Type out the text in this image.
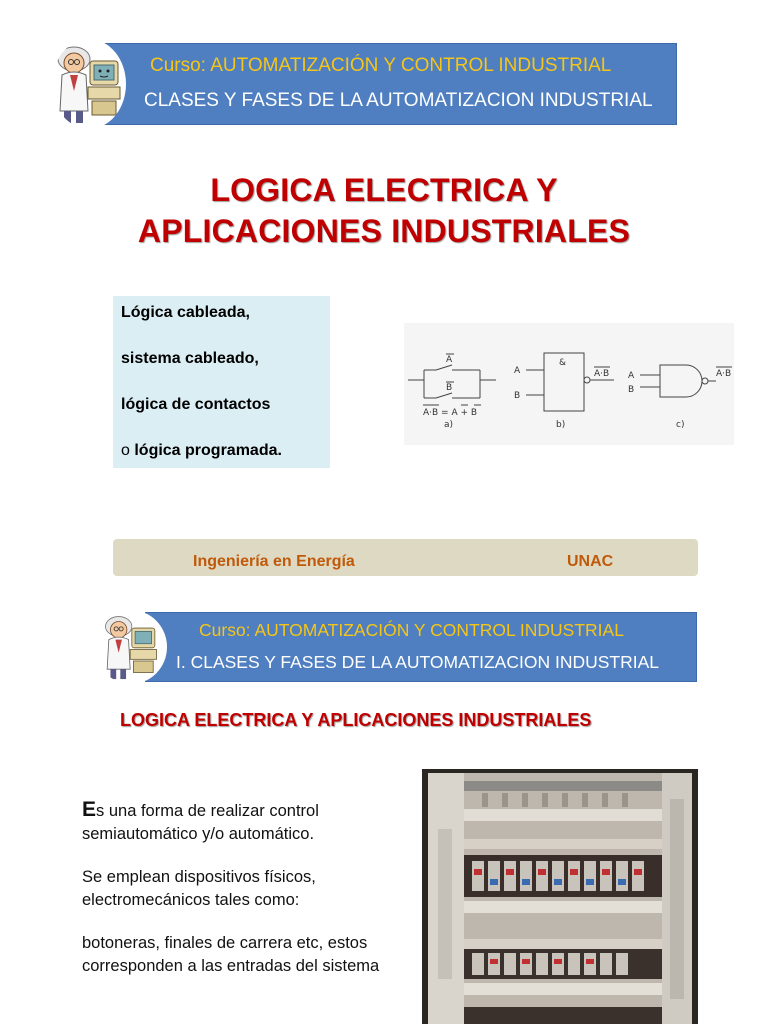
Curso: AUTOMATIZACIÓN Y CONTROL INDUSTRIAL
CLASES Y FASES DE LA AUTOMATIZACION INDUSTRIAL
LOGICA ELECTRICA Y
APLICACIONES INDUSTRIALES
Lógica cableada,
sistema cableado,
lógica de contactos
o lógica programada.
A
B
A·B = A + B
A
B
&
A·B A
B
A·B
a)	b)	c)
Ingeniería en Energía	UNAC
Curso: AUTOMATIZACIÓN Y CONTROL INDUSTRIAL
I. CLASES Y FASES DE LA AUTOMATIZACION INDUSTRIAL
LOGICA ELECTRICA Y APLICACIONES INDUSTRIALES

Es una forma de realizar control semiautomático y/o automático.

Se emplean dispositivos físicos, electromecánicos tales como:

botoneras, finales de carrera etc, estos corresponden a las entradas del sistema
